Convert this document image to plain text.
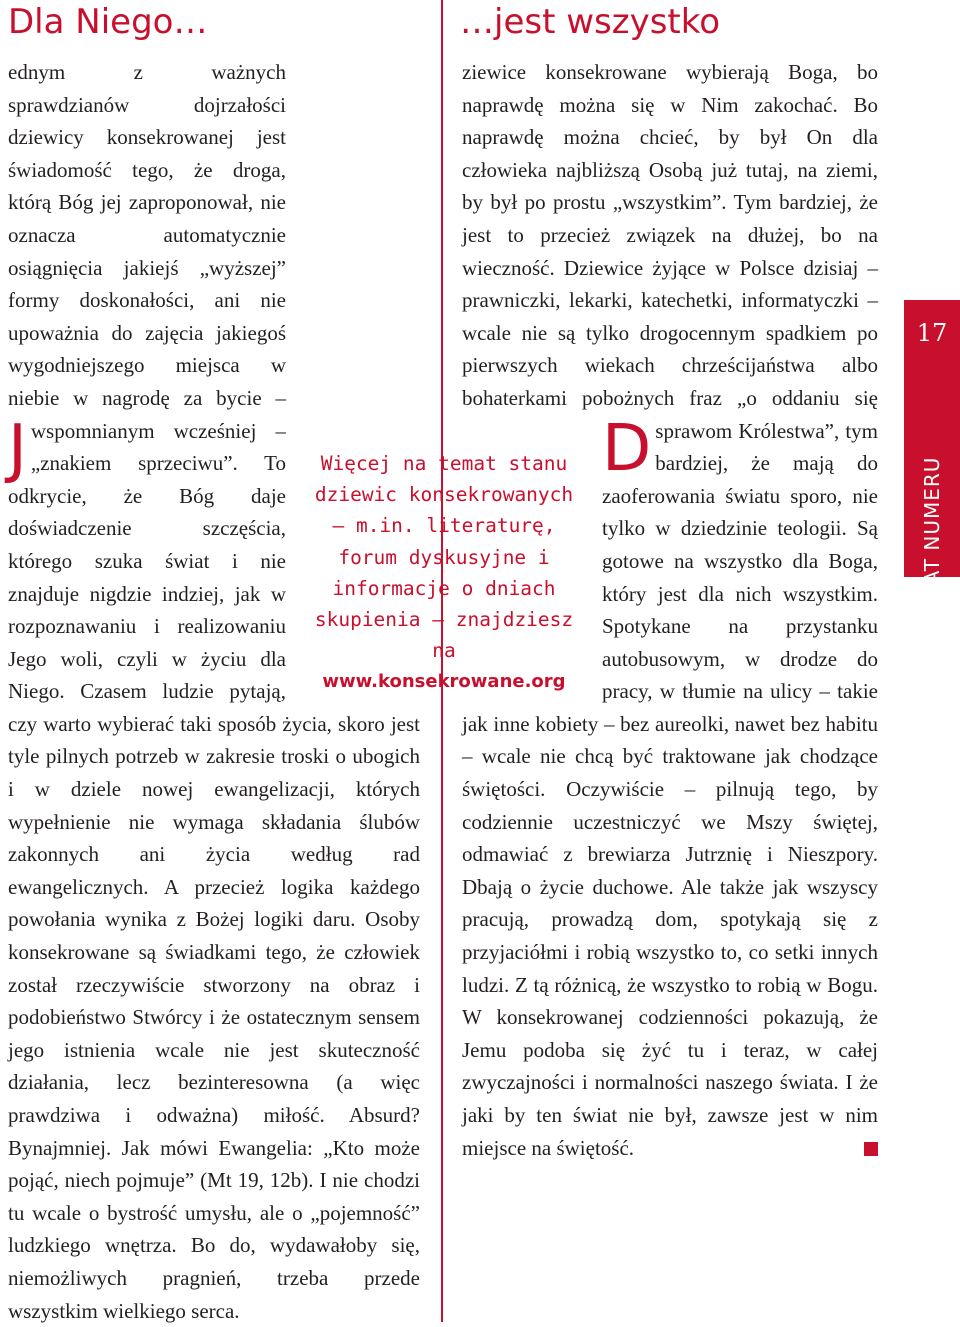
Dla Niego…	…jest wszystko
J
ednym z ważnych sprawdzianów dojrzałości dziewicy konsekrowanej jest świadomość tego, że droga, którą Bóg jej zaproponował, nie oznacza automatycznie osiągnięcia jakiejś „wyższej” formy doskonałości, ani nie upoważnia do zajęcia jakiegoś wygodniejszego miejsca w niebie w nagrodę za bycie – wspomnianym wcześniej – „znakiem sprzeciwu”. To odkrycie, że Bóg daje doświadczenie szczęścia, którego szuka świat i nie znajduje nigdzie indziej, jak w rozpoznawaniu i realizowaniu Jego woli, czyli w życiu dla Niego. Czasem ludzie pytają, czy warto wybierać taki sposób życia, skoro jest tyle pilnych potrzeb w zakresie troski o ubogich i w dziele nowej ewangelizacji, których wypełnienie nie wymaga składania ślubów zakonnych ani życia według rad ewangelicznych. A przecież logika każdego powołania wynika z Bożej logiki daru. Osoby konsekrowane są świadkami tego, że człowiek został rzeczywiście stworzony na obraz i podobieństwo Stwórcy i że ostatecznym sensem jego istnienia wcale nie jest skuteczność działania, lecz bezinteresowna (a więc prawdziwa i odważna) miłość. Absurd? Bynajmniej. Jak mówi Ewangelia: „Kto może pojąć, niech pojmuje” (Mt 19, 12b). I nie chodzi tu wcale o bystrość umysłu, ale o „pojemność” ludzkiego wnętrza. Bo do, wydawałoby się, niemożliwych pragnień, trzeba przede wszystkim wielkiego serca.
D
ziewice konsekrowane wybierają Boga, bo naprawdę można się w Nim zakochać. Bo naprawdę można chcieć, by był On dla człowieka najbliższą Osobą już tutaj, na ziemi, by był po prostu „wszystkim”. Tym bardziej, że jest to przecież związek na dłużej, bo na wieczność. Dziewice żyjące w Polsce dzisiaj – prawniczki, lekarki, katechetki, informatyczki – wcale nie są tylko drogocennym spadkiem po pierwszych wiekach chrześcijaństwa albo bohaterkami pobożnych fraz „o oddaniu się sprawom Królestwa”, tym bardziej, że mają do zaoferowania światu sporo, nie tylko w dziedzinie teologii. Są gotowe na wszystko dla Boga, który jest dla nich wszystkim. Spotykane na przystanku autobusowym, w drodze do pracy, w tłumie na ulicy – takie jak inne kobiety – bez aureolki, nawet bez habitu – wcale nie chcą być traktowane jak chodzące świętości. Oczywiście – pilnują tego, by codziennie uczestniczyć we Mszy świętej, odmawiać z brewiarza Jutrznię i Nieszpory. Dbają o życie duchowe. Ale także jak wszyscy pracują, prowadzą dom, spotykają się z przyjaciółmi i robią wszystko to, co setki innych ludzi. Z tą różnicą, że wszystko to robią w Bogu. W konsekrowanej codzienności pokazują, że Jemu podoba się żyć tu i teraz, w całej zwyczajności i normalności naszego świata. I że jaki by ten świat nie był, zawsze jest w nim miejsce na świętość.
Więcej na temat stanu dziewic konsekrowanych – m.in. literaturę, forum dyskusyjne i informacje o dniach skupienia – znajdziesz na
www.konsekrowane.org
17
TEMAT NUMERU
